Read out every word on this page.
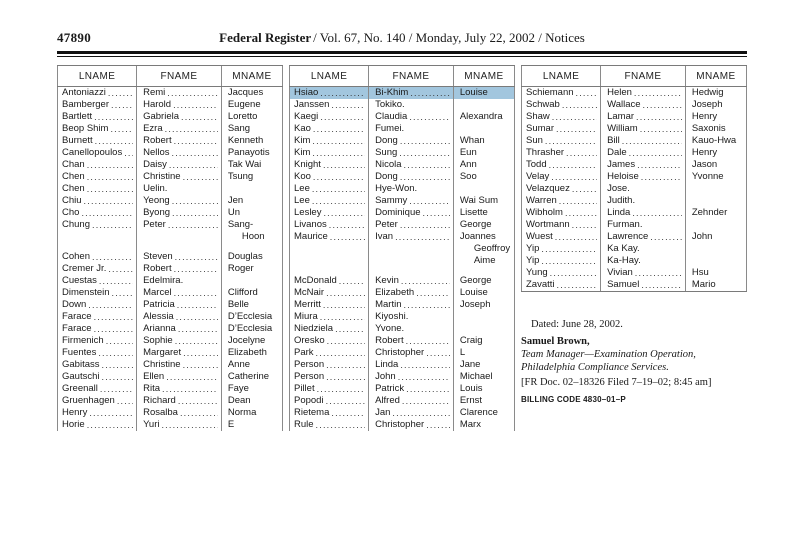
47890	Federal Register / Vol. 67, No. 140 / Monday, July 22, 2002 / Notices
LNAME	FNAME	MNAME
Antoniazzi .....	Remi .....	Jacques
Bamberger .....	Harold .....	Eugene
Bartlett .....	Gabriela .....	Loretto
Beop Shim .....	Ezra .....	Sang
Burnett .....	Robert .....	Kenneth
Canellopoulos ..... Nellos .....	Panayotis
Chan .....	Daisy .....	Tak Wai
Chen .....	Christine .....	Tsung
Chen .....	Uelin.
Chiu .....	Yeong .....	Jen
Cho .....	Byong .....	Un
Chung .....	Peter .....	Sang-
Hoon
Cohen .....	Steven .....	Douglas
Cremer Jr. .....	Robert .....	Roger
Cuestas .....	Edelmira.
Dimenstein .....	Marcel .....	Clifford
Down .....	Patricia .....	Belle
Farace .....	Alessia .....	D’Ecclesia
Farace .....	Arianna .....	D’Ecclesia
Firmenich .....	Sophie .....	Jocelyne
Fuentes .....	Margaret .....	Elizabeth
Gabitass .....	Christine .....	Anne
Gautschi .....	Ellen .....	Catherine
Greenall .....	Rita .....	Faye
Gruenhagen .....	Richard .....	Dean
Henry .....	Rosalba .....	Norma
Horie .....	Yuri .....	E
LNAME	FNAME	MNAME
Hsiao .....	Bi-Khim .....	Louise
Janssen .....	Tokiko.
Kaegi .....	Claudia .....	Alexandra
Kao .....	Fumei.
Kim .....	Dong .....	Whan
Kim .....	Sung .....	Eun
Knight .....	Nicola .....	Ann
Koo .....	Dong .....	Soo
Lee .....	Hye-Won.
Lee .....	Sammy .....	Wai Sum
Lesley .....	Dominique .....	Lisette
Livanos .....	Peter .....	George
Maurice .....	Ivan .....	Joannes
Geoffroy
Aime
McDonald .....	Kevin .....	George
McNair .....	Elizabeth .....	Louise
Merritt .....	Martin .....	Joseph
Miura .....	Kiyoshi.
Niedziela .....	Yvone.
Oresko .....	Robert .....	Craig
Park .....	Christopher .....	L
Person .....	Linda .....	Jane
Person .....	John .....	Michael
Pillet .....	Patrick .....	Louis
Popodi .....	Alfred .....	Ernst
Rietema .....	Jan .....	Clarence
Rule .....	Christopher .....	Marx
LNAME	FNAME	MNAME
Schiemann .....	Helen .....	Hedwig
Schwab .....	Wallace .....	Joseph
Shaw .....	Lamar .....	Henry
Sumar .....	William .....	Saxonis
Sun .....	Bill .....	Kauo-Hwa
Thrasher .....	Dale .....	Henry
Todd .....	James .....	Jason
Velay .....	Heloise .....	Yvonne
Velazquez .....	Jose.
Warren .....	Judith.
Wibholm .....	Linda .....	Zehnder
Wortmann .....	Furman.
Wuest .....	Lawrence .....	John
Yip .....	Ka Kay.
Yip .....	Ka-Hay.
Yung .....	Vivian .....	Hsu
Zavatti .....	Samuel .....	Mario
Dated: June 28, 2002.
Samuel Brown,
Team Manager—Examination Operation, Philadelphia Compliance Services.
[FR Doc. 02–18326 Filed 7–19–02; 8:45 am]
BILLING CODE 4830–01–P
